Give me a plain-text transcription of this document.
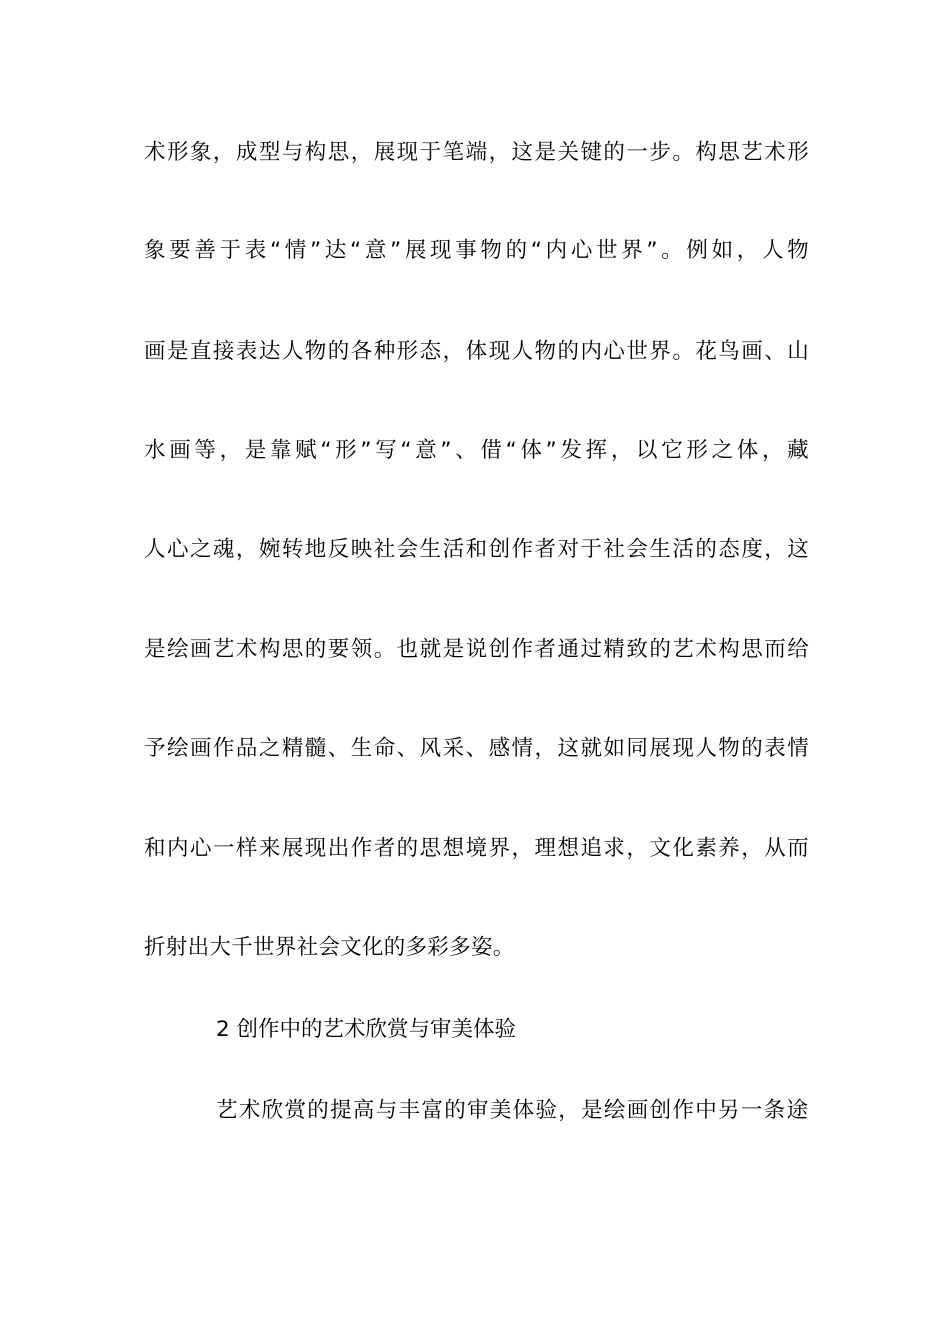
术形象，成型与构思，展现于笔端，这是关键的一步。构思艺术形
象要善于表“情”达“意”展现事物的“内心世界”。例如，人物
画是直接表达人物的各种形态，体现人物的内心世界。花鸟画、山
水画等，是靠赋“形”写“意”、借“体”发挥，以它形之体，藏
人心之魂，婉转地反映社会生活和创作者对于社会生活的态度，这
是绘画艺术构思的要领。也就是说创作者通过精致的艺术构思而给
予绘画作品之精髓、生命、风采、感情，这就如同展现人物的表情
和内心一样来展现出作者的思想境界，理想追求，文化素养，从而
折射出大千世界社会文化的多彩多姿。
2 创作中的艺术欣赏与审美体验
艺术欣赏的提高与丰富的审美体验，是绘画创作中另一条途
